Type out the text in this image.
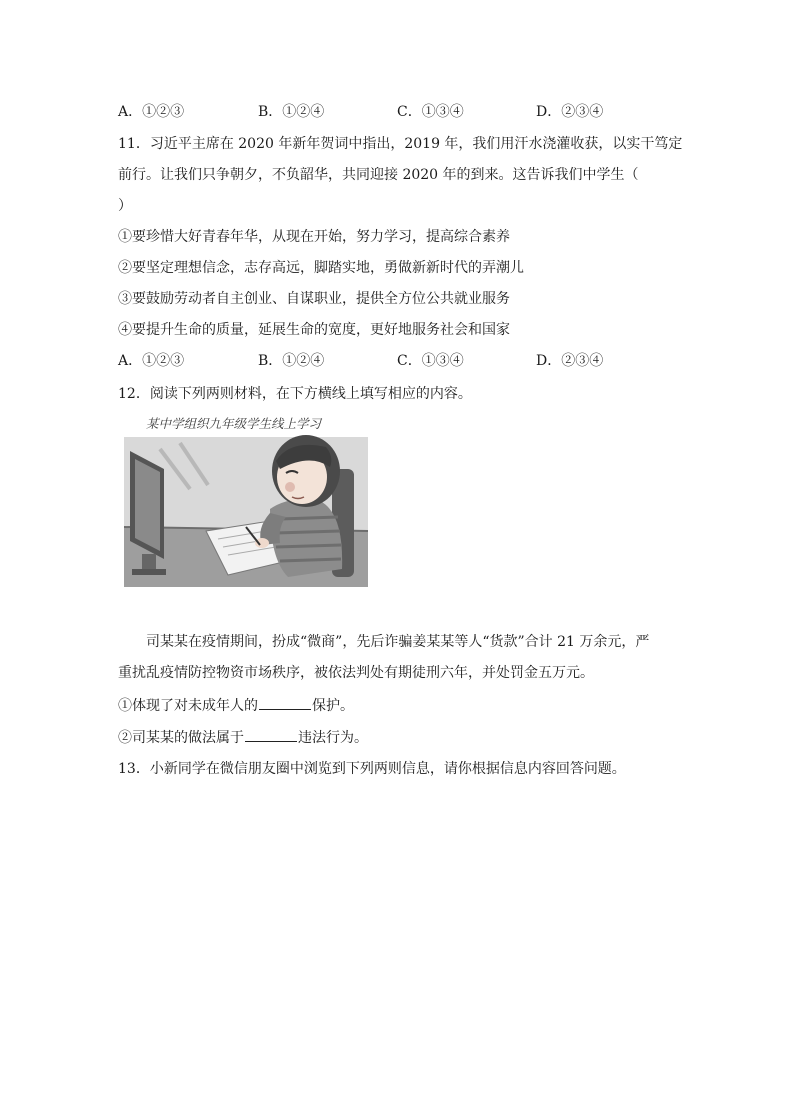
A．①②③	B．①②④	C．①③④	D．②③④
11．习近平主席在 2020 年新年贺词中指出，2019 年，我们用汗水浇灌收获，以实干笃定
前行。让我们只争朝夕，不负韶华，共同迎接 2020 年的到来。这告诉我们中学生（
）
①要珍惜大好青春年华，从现在开始，努力学习，提高综合素养
②要坚定理想信念，志存高远，脚踏实地，勇做新新时代的弄潮儿
③要鼓励劳动者自主创业、自谋职业，提供全方位公共就业服务
④要提升生命的质量，延展生命的宽度，更好地服务社会和国家
A．①②③	B．①②④	C．①③④	D．②③④
12．阅读下列两则材料，在下方横线上填写相应的内容。
某中学组织九年级学生线上学习
司某某在疫情期间，扮成“微商”，先后诈骗姜某某等人“货款”合计 21 万余元，严
重扰乱疫情防控物资市场秩序，被依法判处有期徒刑六年，并处罚金五万元。
①体现了对未成年人的	保护。
②司某某的做法属于	违法行为。
13．小新同学在微信朋友圈中浏览到下列两则信息，请你根据信息内容回答问题。
